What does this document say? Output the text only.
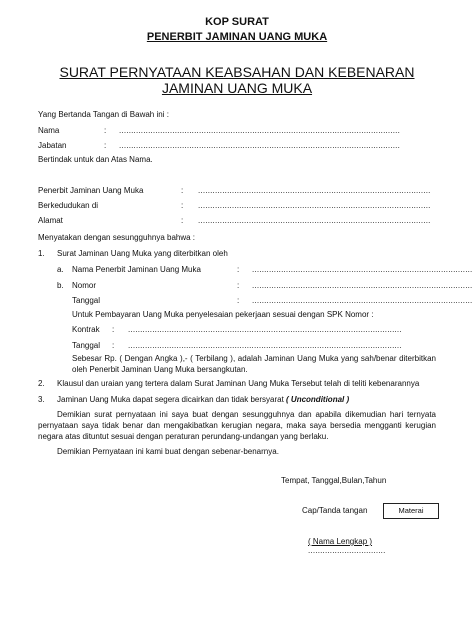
KOP SURAT
PENERBIT JAMINAN UANG MUKA
SURAT PERNYATAAN KEABSAHAN DAN KEBENARAN
JAMINAN UANG MUKA
Yang Bertanda Tangan di Bawah ini :
Nama	: ....................................................................................................................
Jabatan	: ....................................................................................................................
Bertindak untuk dan Atas Nama.
Penerbit Jaminan Uang Muka	: ................................................................................................
Berkedudukan di	: ................................................................................................
Alamat	: ................................................................................................
Menyatakan dengan sesungguhnya bahwa :
1. Surat Jaminan Uang Muka yang diterbitkan oleh
a. Nama Penerbit Jaminan Uang Muka	: ...........................................................................................
b. Nomor	: ...........................................................................................
Tanggal	: ...........................................................................................
Untuk Pembayaran Uang Muka penyelesaian pekerjaan sesuai dengan SPK Nomor :
Kontrak : .................................................................................................................
Tanggal : .................................................................................................................
Sebesar Rp. ( Dengan Angka ),- ( Terbilang ), adalah Jaminan Uang Muka yang sah/benar diterbitkan oleh Penerbit Jaminan Uang Muka bersangkutan.
2. Klausul dan uraian yang tertera dalam Surat Jaminan Uang Muka Tersebut telah di teliti kebenarannya
3. Jaminan Uang Muka dapat segera dicairkan dan tidak bersyarat ( Unconditional )
Demikian surat pernyataan ini saya buat dengan sesungguhnya dan apabila dikemudian hari ternyata pernyataan saya tidak benar dan mengakibatkan kerugian negara, maka saya bersedia mengganti kerugian negara atas dituntut sesuai dengan peraturan perundang-undangan yang berlaku.
Demikian Pernyataan ini kami buat dengan sebenar-benarnya.
Tempat, Tanggal,Bulan,Tahun
Cap/Tanda tangan	Materai
( Nama Lengkap )
................................
